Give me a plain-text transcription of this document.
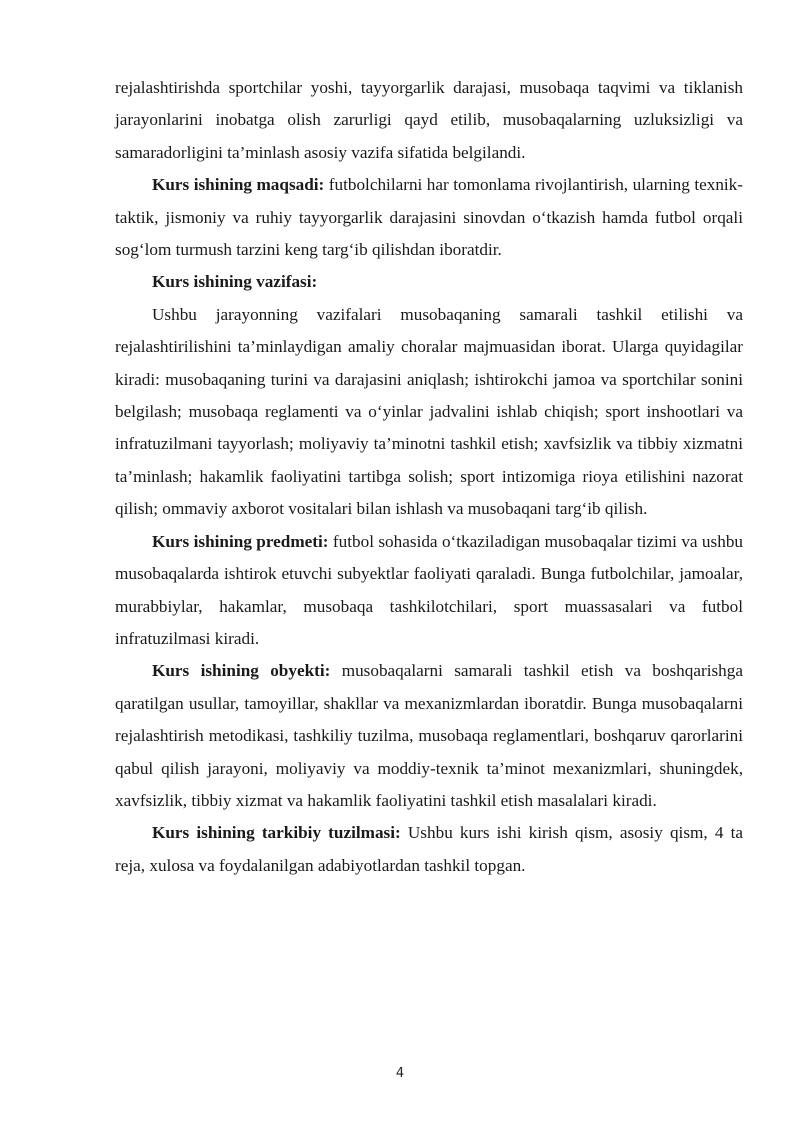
rejalashtirishda sportchilar yoshi, tayyorgarlik darajasi, musobaqa taqvimi va tiklanish jarayonlarini inobatga olish zarurligi qayd etilib, musobaqalarning uzluksizligi va samaradorligini ta’minlash asosiy vazifa sifatida belgilandi.

Kurs ishining maqsadi: futbolchilarni har tomonlama rivojlantirish, ularning texnik-taktik, jismoniy va ruhiy tayyorgarlik darajasini sinovdan o‘tkazish hamda futbol orqali sog‘lom turmush tarzini keng targ‘ib qilishdan iboratdir.

Kurs ishining vazifasi:

Ushbu jarayonning vazifalari musobaqaning samarali tashkil etilishi va rejalashtirilishini ta’minlaydigan amaliy choralar majmuasidan iborat. Ularga quyidagilar kiradi: musobaqaning turini va darajasini aniqlash; ishtirokchi jamoa va sportchilar sonini belgilash; musobaqa reglamenti va o‘yinlar jadvalini ishlab chiqish; sport inshootlari va infratuzilmani tayyorlash; moliyaviy ta’minotni tashkil etish; xavfsizlik va tibbiy xizmatni ta’minlash; hakamlik faoliyatini tartibga solish; sport intizomiga rioya etilishini nazorat qilish; ommaviy axborot vositalari bilan ishlash va musobaqani targ‘ib qilish.

Kurs ishining predmeti: futbol sohasida o‘tkaziladigan musobaqalar tizimi va ushbu musobaqalarda ishtirok etuvchi subyektlar faoliyati qaraladi. Bunga futbolchilar, jamoalar, murabbiylar, hakamlar, musobaqa tashkilotchilari, sport muassasalari va futbol infratuzilmasi kiradi.

Kurs ishining obyekti: musobaqalarni samarali tashkil etish va boshqarishga qaratilgan usullar, tamoyillar, shakllar va mexanizmlardan iboratdir. Bunga musobaqalarni rejalashtirish metodikasi, tashkiliy tuzilma, musobaqa reglamentlari, boshqaruv qarorlarini qabul qilish jarayoni, moliyaviy va moddiy-texnik ta’minot mexanizmlari, shuningdek, xavfsizlik, tibbiy xizmat va hakamlik faoliyatini tashkil etish masalalari kiradi.

Kurs ishining tarkibiy tuzilmasi: Ushbu kurs ishi kirish qism, asosiy qism, 4 ta reja, xulosa va foydalanilgan adabiyotlardan tashkil topgan.

4
